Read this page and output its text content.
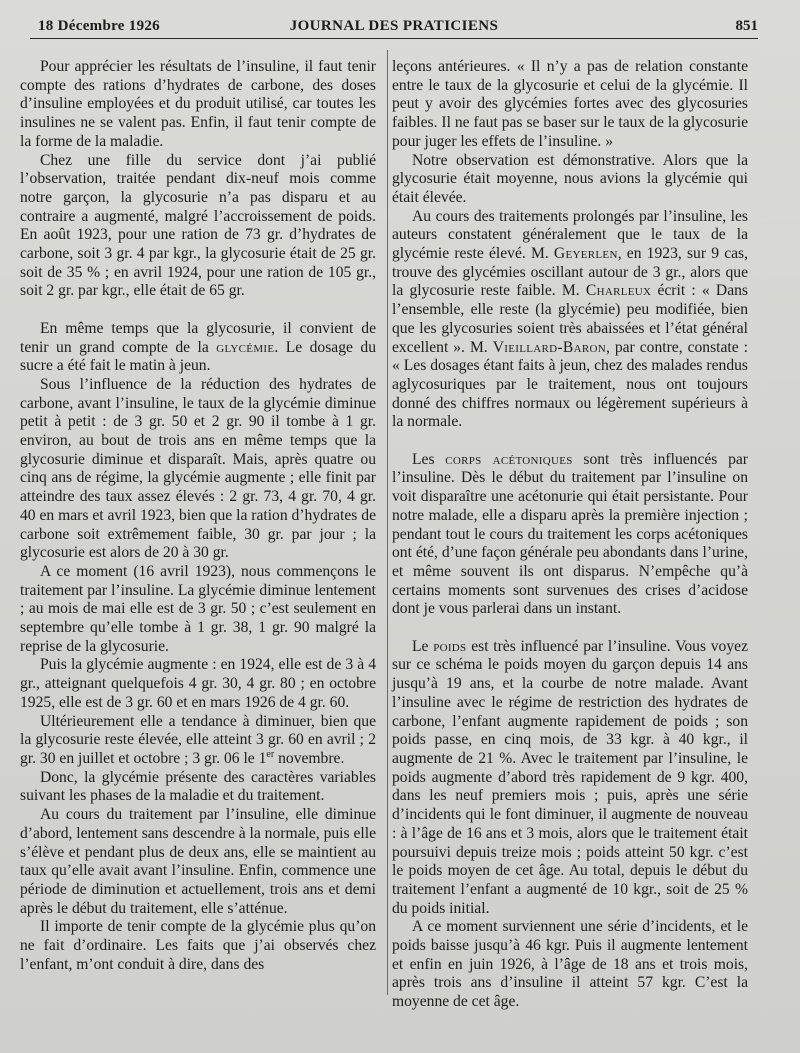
18 Décembre 1926	JOURNAL DES PRATICIENS	851

Pour apprécier les résultats de l’insuline, il faut tenir compte des rations d’hydrates de carbone, des doses d’insuline employées et du produit utilisé, car toutes les insulines ne se valent pas. Enfin, il faut tenir compte de la forme de la maladie.

Chez une fille du service dont j’ai publié l’observation, traitée pendant dix-neuf mois comme notre garçon, la glycosurie n’a pas disparu et au contraire a augmenté, malgré l’accroissement de poids. En août 1923, pour une ration de 73 gr. d’hydrates de carbone, soit 3 gr. 4 par kgr., la glycosurie était de 25 gr. soit de 35 % ; en avril 1924, pour une ration de 105 gr., soit 2 gr. par kgr., elle était de 65 gr.

En même temps que la glycosurie, il convient de tenir un grand compte de la glycémie. Le dosage du sucre a été fait le matin à jeun.

Sous l’influence de la réduction des hydrates de carbone, avant l’insuline, le taux de la glycémie diminue petit à petit : de 3 gr. 50 et 2 gr. 90 il tombe à 1 gr. environ, au bout de trois ans en même temps que la glycosurie diminue et disparaît. Mais, après quatre ou cinq ans de régime, la glycémie augmente ; elle finit par atteindre des taux assez élevés : 2 gr. 73, 4 gr. 70, 4 gr. 40 en mars et avril 1923, bien que la ration d’hydrates de carbone soit extrêmement faible, 30 gr. par jour ; la glycosurie est alors de 20 à 30 gr.

A ce moment (16 avril 1923), nous commençons le traitement par l’insuline. La glycémie diminue lentement ; au mois de mai elle est de 3 gr. 50 ; c’est seulement en septembre qu’elle tombe à 1 gr. 38, 1 gr. 90 malgré la reprise de la glycosurie.

Puis la glycémie augmente : en 1924, elle est de 3 à 4 gr., atteignant quelquefois 4 gr. 30, 4 gr. 80 ; en octobre 1925, elle est de 3 gr. 60 et en mars 1926 de 4 gr. 60.

Ultérieurement elle a tendance à diminuer, bien que la glycosurie reste élevée, elle atteint 3 gr. 60 en avril ; 2 gr. 30 en juillet et octobre ; 3 gr. 06 le 1er novembre.

Donc, la glycémie présente des caractères variables suivant les phases de la maladie et du traitement.

Au cours du traitement par l’insuline, elle diminue d’abord, lentement sans descendre à la normale, puis elle s’élève et pendant plus de deux ans, elle se maintient au taux qu’elle avait avant l’insuline. Enfin, commence une période de diminution et actuellement, trois ans et demi après le début du traitement, elle s’atténue.

Il importe de tenir compte de la glycémie plus qu’on ne fait d’ordinaire. Les faits que j’ai observés chez l’enfant, m’ont conduit à dire, dans des

leçons antérieures. « Il n’y a pas de relation constante entre le taux de la glycosurie et celui de la glycémie. Il peut y avoir des glycémies fortes avec des glycosuries faibles. Il ne faut pas se baser sur le taux de la glycosurie pour juger les effets de l’insuline. »

Notre observation est démonstrative. Alors que la glycosurie était moyenne, nous avions la glycémie qui était élevée.

Au cours des traitements prolongés par l’insuline, les auteurs constatent généralement que le taux de la glycémie reste élevé. M. Geyerlen, en 1923, sur 9 cas, trouve des glycémies oscillant autour de 3 gr., alors que la glycosurie reste faible. M. Charleux écrit : « Dans l’ensemble, elle reste (la glycémie) peu modifiée, bien que les glycosuries soient très abaissées et l’état général excellent ». M. Vieillard-Baron, par contre, constate : « Les dosages étant faits à jeun, chez des malades rendus aglycosuriques par le traitement, nous ont toujours donné des chiffres normaux ou légèrement supérieurs à la normale.

Les corps acétoniques sont très influencés par l’insuline. Dès le début du traitement par l’insuline on voit disparaître une acétonurie qui était persistante. Pour notre malade, elle a disparu après la première injection ; pendant tout le cours du traitement les corps acétoniques ont été, d’une façon générale peu abondants dans l’urine, et même souvent ils ont disparus. N’empêche qu’à certains moments sont survenues des crises d’acidose dont je vous parlerai dans un instant.

Le poids est très influencé par l’insuline. Vous voyez sur ce schéma le poids moyen du garçon depuis 14 ans jusqu’à 19 ans, et la courbe de notre malade. Avant l’insuline avec le régime de restriction des hydrates de carbone, l’enfant augmente rapidement de poids ; son poids passe, en cinq mois, de 33 kgr. à 40 kgr., il augmente de 21 %. Avec le traitement par l’insuline, le poids augmente d’abord très rapidement de 9 kgr. 400, dans les neuf premiers mois ; puis, après une série d’incidents qui le font diminuer, il augmente de nouveau : à l’âge de 16 ans et 3 mois, alors que le traitement était poursuivi depuis treize mois ; poids atteint 50 kgr. c’est le poids moyen de cet âge. Au total, depuis le début du traitement l’enfant a augmenté de 10 kgr., soit de 25 % du poids initial.

A ce moment surviennent une série d’incidents, et le poids baisse jusqu’à 46 kgr. Puis il augmente lentement et enfin en juin 1926, à l’âge de 18 ans et trois mois, après trois ans d’insuline il atteint 57 kgr. C’est la moyenne de cet âge.
